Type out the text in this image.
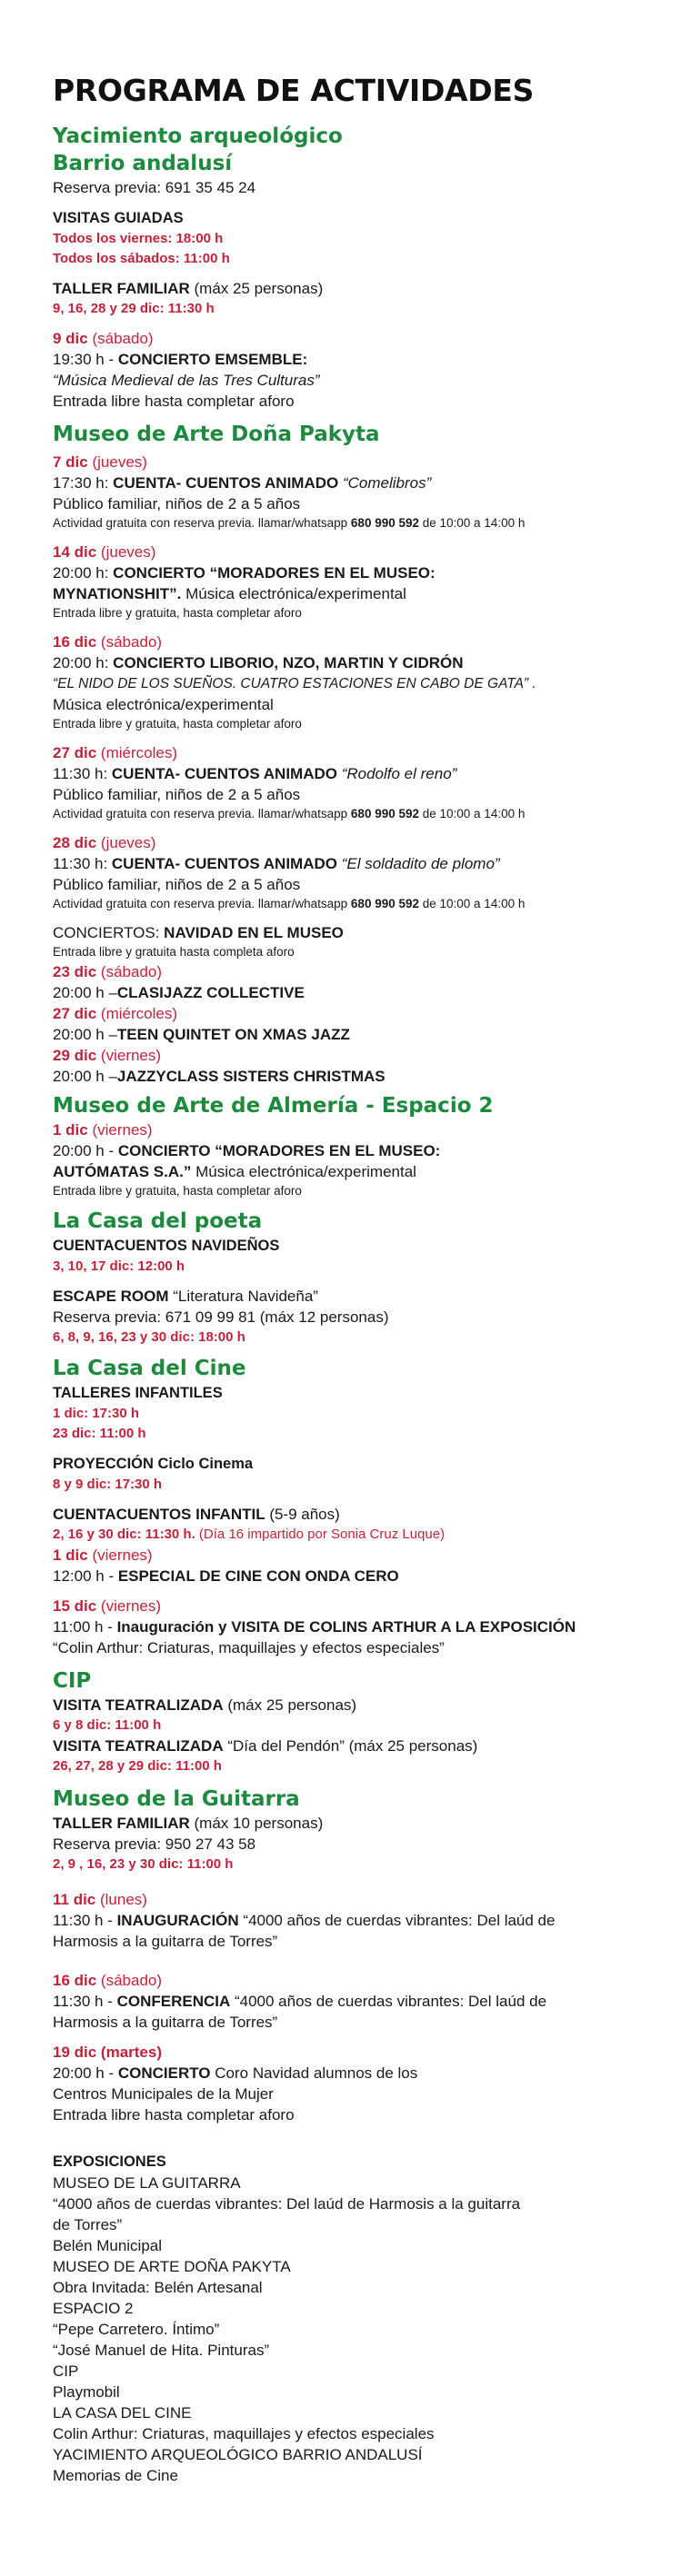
PROGRAMA DE ACTIVIDADES
Yacimiento arqueológico
Barrio andalusí
Reserva previa: 691 35 45 24
VISITAS GUIADAS
Todos los viernes: 18:00 h
Todos los sábados: 11:00 h
TALLER FAMILIAR (máx 25 personas)
9, 16, 28 y 29 dic: 11:30 h
9 dic (sábado)
19:30 h - CONCIERTO EMSEMBLE:
“Música Medieval de las Tres Culturas”
Entrada libre hasta completar aforo
Museo de Arte Doña Pakyta
7 dic (jueves)
17:30 h: CUENTA- CUENTOS ANIMADO “Comelibros”
Público familiar, niños de 2 a 5 años
Actividad gratuita con reserva previa. llamar/whatsapp 680 990 592 de 10:00 a 14:00 h
14 dic (jueves)
20:00 h: CONCIERTO “MORADORES EN EL MUSEO:
MYNATIONSHIT”. Música electrónica/experimental
Entrada libre y gratuita, hasta completar aforo
16 dic (sábado)
20:00 h: CONCIERTO LIBORIO, NZO, MARTIN Y CIDRÓN
“EL NIDO DE LOS SUEÑOS. CUATRO ESTACIONES EN CABO DE GATA” .
Música electrónica/experimental
Entrada libre y gratuita, hasta completar aforo
27 dic (miércoles)
11:30 h: CUENTA- CUENTOS ANIMADO “Rodolfo el reno”
Público familiar, niños de 2 a 5 años
Actividad gratuita con reserva previa. llamar/whatsapp 680 990 592 de 10:00 a 14:00 h
28 dic (jueves)
11:30 h: CUENTA- CUENTOS ANIMADO “El soldadito de plomo”
Público familiar, niños de 2 a 5 años
Actividad gratuita con reserva previa. llamar/whatsapp 680 990 592 de 10:00 a 14:00 h
CONCIERTOS: NAVIDAD EN EL MUSEO
Entrada libre y gratuita hasta completa aforo
23 dic (sábado)
20:00 h –CLASIJAZZ COLLECTIVE
27 dic (miércoles)
20:00 h –TEEN QUINTET ON XMAS JAZZ
29 dic (viernes)
20:00 h –JAZZYCLASS SISTERS CHRISTMAS
Museo de Arte de Almería - Espacio 2
1 dic (viernes)
20:00 h - CONCIERTO “MORADORES EN EL MUSEO:
AUTÓMATAS S.A.” Música electrónica/experimental
Entrada libre y gratuita, hasta completar aforo
La Casa del poeta
CUENTACUENTOS NAVIDEÑOS
3, 10, 17 dic: 12:00 h
ESCAPE ROOM “Literatura Navideña”
Reserva previa: 671 09 99 81 (máx 12 personas)
6, 8, 9, 16, 23 y 30 dic: 18:00 h
La Casa del Cine
TALLERES INFANTILES
1 dic: 17:30 h
23 dic: 11:00 h
PROYECCIÓN Ciclo Cinema
8 y 9 dic: 17:30 h
CUENTACUENTOS INFANTIL (5-9 años)
2, 16 y 30 dic: 11:30 h. (Día 16 impartido por Sonia Cruz Luque)
1 dic (viernes)
12:00 h - ESPECIAL DE CINE CON ONDA CERO
15 dic (viernes)
11:00 h - Inauguración y VISITA DE COLINS ARTHUR A LA EXPOSICIÓN
“Colin Arthur: Criaturas, maquillajes y efectos especiales”
CIP
VISITA TEATRALIZADA (máx 25 personas)
6 y 8 dic: 11:00 h
VISITA TEATRALIZADA “Día del Pendón” (máx 25 personas)
26, 27, 28 y 29 dic: 11:00 h
Museo de la Guitarra
TALLER FAMILIAR (máx 10 personas)
Reserva previa: 950 27 43 58
2, 9 , 16, 23 y 30 dic: 11:00 h
11 dic (lunes)
11:30 h - INAUGURACIÓN “4000 años de cuerdas vibrantes: Del laúd de
Harmosis a la guitarra de Torres”
16 dic (sábado)
11:30 h - CONFERENCIA “4000 años de cuerdas vibrantes: Del laúd de
Harmosis a la guitarra de Torres”
19 dic (martes)
20:00 h - CONCIERTO Coro Navidad alumnos de los
Centros Municipales de la Mujer
Entrada libre hasta completar aforo
EXPOSICIONES
MUSEO DE LA GUITARRA
“4000 años de cuerdas vibrantes: Del laúd de Harmosis a la guitarra
de Torres”
Belén Municipal
MUSEO DE ARTE DOÑA PAKYTA
Obra Invitada: Belén Artesanal
ESPACIO 2
“Pepe Carretero. Íntimo”
“José Manuel de Hita. Pinturas”
CIP
Playmobil
LA CASA DEL CINE
Colin Arthur: Criaturas, maquillajes y efectos especiales
YACIMIENTO ARQUEOLÓGICO BARRIO ANDALUSÍ
Memorias de Cine
